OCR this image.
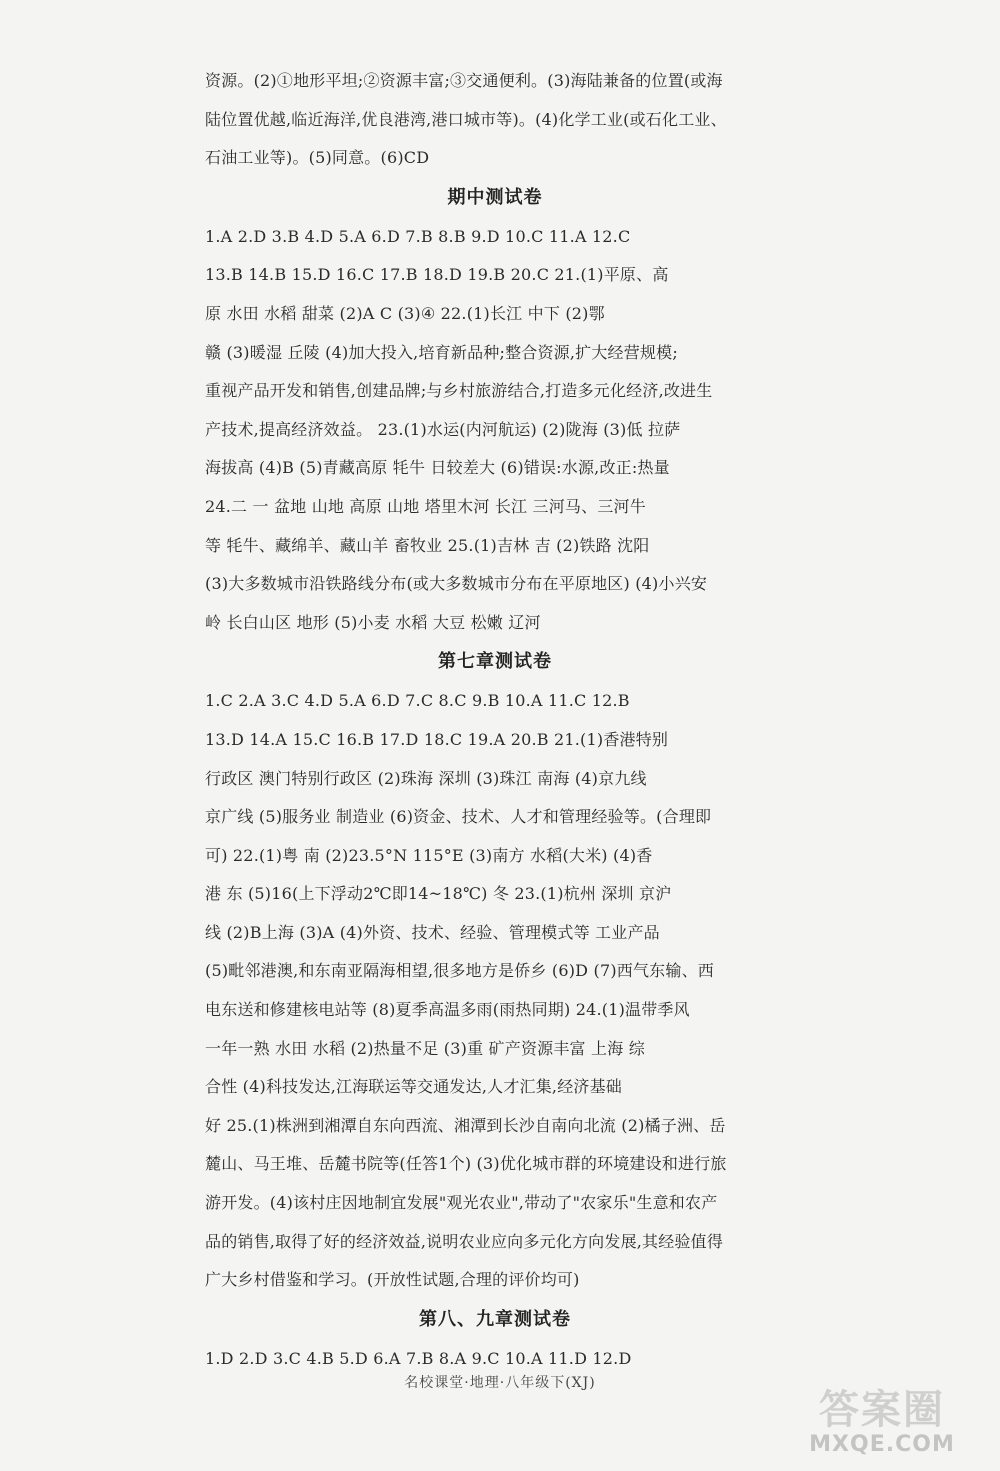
资源。(2)①地形平坦;②资源丰富;③交通便利。(3)海陆兼备的位置(或海
陆位置优越,临近海洋,优良港湾,港口城市等)。(4)化学工业(或石化工业、
石油工业等)。(5)同意。(6)CD
期中测试卷
1.A 2.D 3.B 4.D 5.A 6.D 7.B 8.B 9.D 10.C 11.A 12.C
13.B 14.B 15.D 16.C 17.B 18.D 19.B 20.C 21.(1)平原、高
原 水田 水稻 甜菜 (2)A C (3)④ 22.(1)长江 中下 (2)鄂
赣 (3)暖湿 丘陵 (4)加大投入,培育新品种;整合资源,扩大经营规模;
重视产品开发和销售,创建品牌;与乡村旅游结合,打造多元化经济,改进生
产技术,提高经济效益。 23.(1)水运(内河航运) (2)陇海 (3)低 拉萨
海拔高 (4)B (5)青藏高原 牦牛 日较差大 (6)错误:水源,改正:热量
24.二 一 盆地 山地 高原 山地 塔里木河 长江 三河马、三河牛
等 牦牛、藏绵羊、藏山羊 畜牧业 25.(1)吉林 吉 (2)铁路 沈阳
(3)大多数城市沿铁路线分布(或大多数城市分布在平原地区) (4)小兴安
岭 长白山区 地形 (5)小麦 水稻 大豆 松嫩 辽河
第七章测试卷
1.C 2.A 3.C 4.D 5.A 6.D 7.C 8.C 9.B 10.A 11.C 12.B
13.D 14.A 15.C 16.B 17.D 18.C 19.A 20.B 21.(1)香港特别
行政区 澳门特别行政区 (2)珠海 深圳 (3)珠江 南海 (4)京九线
京广线 (5)服务业 制造业 (6)资金、技术、人才和管理经验等。(合理即
可) 22.(1)粤 南 (2)23.5°N 115°E (3)南方 水稻(大米) (4)香
港 东 (5)16(上下浮动2℃即14~18℃) 冬 23.(1)杭州 深圳 京沪
线 (2)B上海 (3)A (4)外资、技术、经验、管理模式等 工业产品
(5)毗邻港澳,和东南亚隔海相望,很多地方是侨乡 (6)D (7)西气东输、西
电东送和修建核电站等 (8)夏季高温多雨(雨热同期) 24.(1)温带季风
一年一熟 水田 水稻 (2)热量不足 (3)重 矿产资源丰富 上海 综
合性 (4)科技发达,江海联运等交通发达,人才汇集,经济基础
好 25.(1)株洲到湘潭自东向西流、湘潭到长沙自南向北流 (2)橘子洲、岳
麓山、马王堆、岳麓书院等(任答1个) (3)优化城市群的环境建设和进行旅
游开发。(4)该村庄因地制宜发展"观光农业",带动了"农家乐"生意和农产
品的销售,取得了好的经济效益,说明农业应向多元化方向发展,其经验值得
广大乡村借鉴和学习。(开放性试题,合理的评价均可)
第八、九章测试卷
1.D 2.D 3.C 4.B 5.D 6.A 7.B 8.A 9.C 10.A 11.D 12.D
名校课堂·地理·八年级下(XJ)
答案圈
MXQE.COM
